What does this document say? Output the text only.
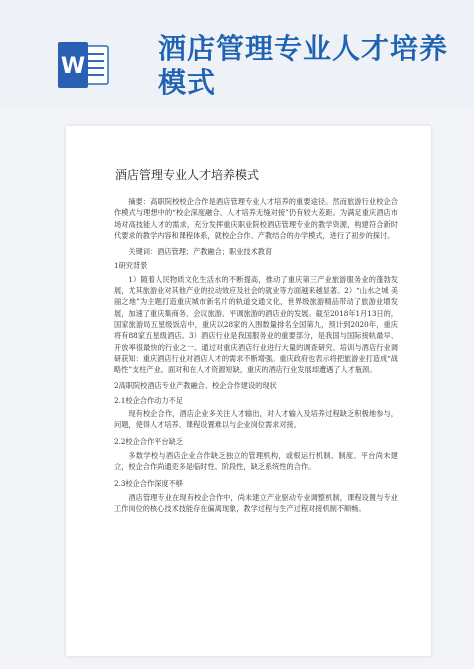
W
酒店管理专业人才培养
模式
酒店管理专业人才培养模式

摘要：高职院校校企合作是酒店管理专业人才培养的重要途径。然而旅游行业校企合作模式与理想中的“校企深度融合、人才培养无缝对接”仍有较大差距。为满足重庆酒店市场对高技能人才的需求，充分发挥重庆职业院校酒店管理专业的教学资源，构建符合新时代要求的教学内容和课程体系，就校企合作、产教结合的办学模式，进行了初步的探讨。

关键词：酒店管理；产教融合；职业技术教育

1研究背景

1）随着人民物质文化生活水的不断提高，推动了重庆第三产业旅游服务业的蓬勃发展，尤其旅游业对其他产业的拉动效应及社会的就业等方面越来越显著。2）“山水之城 美丽之地”为主题打造重庆城市新名片的轨道交通文化，世界级旅游精品带动了旅游业增发展，加速了重庆集商务、会议旅游、平调旅游的酒店业的发展。截至2018年1月13日的，国家旅游局五星级饭店中，重庆以28家的入围数量排名全国第九，预计到2020年，重庆将有88家五星级酒店。3）酒店行业是我国服务业的重要部分，是我国与国际接轨最早、开放率很最快的行业之一。通过对重庆酒店行业进行大量的调查研究、培训与酒店行业调研获知：重庆酒店行业对酒店人才的需求不断增强。重庆政府也表示将把旅游业打造成“战略性”支柱产业。面对和在人才资源短缺，重庆的酒店行业发展却遭遇了人才瓶颈。

2高职院校酒店专业产教融合、校企合作建设的现状

2.1校企合作动力不足

现有校企合作，酒店企业多关注人才输出，对人才输入及培养过程缺乏积极地参与，问题，使得人才培养、课程设置难以与企业岗位需求对接。

2.2校企合作平台缺乏

多数学校与酒店企业合作缺乏独立的管理机构，或根运行机制、制度、平台尚未建立，校企合作尚通吏多是临时性、阶段性，缺乏系统性的合作。

2.3校企合作深度不够

酒店管理专业在现有校企合作中，尚未建立产业驱动专业调整机制，课程设置与专业工作岗位的核心技术技能存在偏离现象，教学过程与生产过程对接机制不顺畅。
